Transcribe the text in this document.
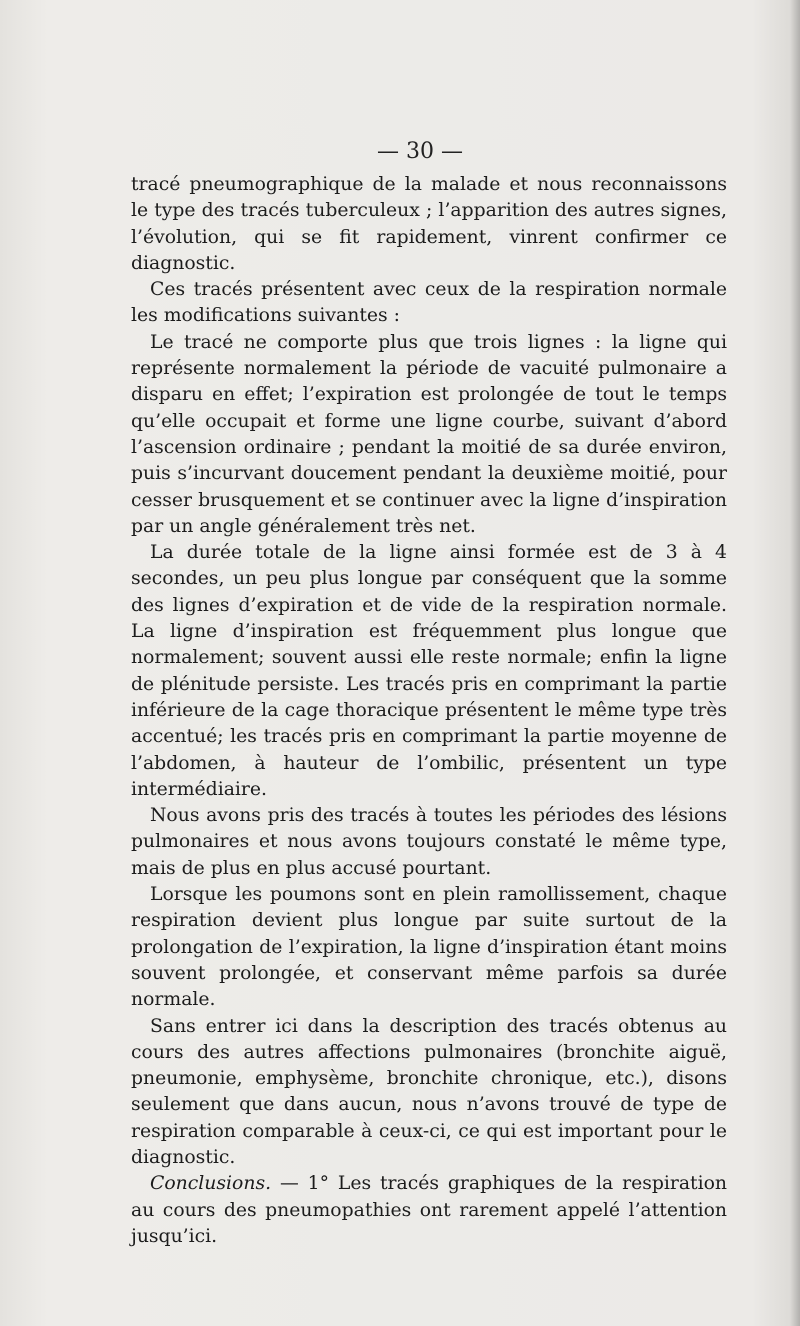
— 30 —

tracé pneumographique de la malade et nous reconnaissons le type des tracés tuberculeux ; l’apparition des autres signes, l’évolution, qui se fit rapidement, vinrent confirmer ce diagnostic.

Ces tracés présentent avec ceux de la respiration normale les modifications suivantes :

Le tracé ne comporte plus que trois lignes : la ligne qui représente normalement la période de vacuité pulmonaire a disparu en effet; l’expiration est prolongée de tout le temps qu’elle occupait et forme une ligne courbe, suivant d’abord l’ascension ordinaire ; pendant la moitié de sa durée environ, puis s’incurvant doucement pendant la deuxième moitié, pour cesser brusquement et se continuer avec la ligne d’inspiration par un angle généralement très net.

La durée totale de la ligne ainsi formée est de 3 à 4 secondes, un peu plus longue par conséquent que la somme des lignes d’expiration et de vide de la respiration normale. La ligne d’inspiration est fréquemment plus longue que normalement; souvent aussi elle reste normale; enfin la ligne de plénitude persiste. Les tracés pris en comprimant la partie inférieure de la cage thoracique présentent le même type très accentué; les tracés pris en comprimant la partie moyenne de l’abdomen, à hauteur de l’ombilic, présentent un type intermédiaire.

Nous avons pris des tracés à toutes les périodes des lésions pulmonaires et nous avons toujours constaté le même type, mais de plus en plus accusé pourtant.

Lorsque les poumons sont en plein ramollissement, chaque respiration devient plus longue par suite surtout de la prolongation de l’expiration, la ligne d’inspiration étant moins souvent prolongée, et conservant même parfois sa durée normale.

Sans entrer ici dans la description des tracés obtenus au cours des autres affections pulmonaires (bronchite aiguë, pneumonie, emphysème, bronchite chronique, etc.), disons seulement que dans aucun, nous n’avons trouvé de type de respiration comparable à ceux-ci, ce qui est important pour le diagnostic.

Conclusions. — 1° Les tracés graphiques de la respiration au cours des pneumopathies ont rarement appelé l’attention jusqu’ici.
